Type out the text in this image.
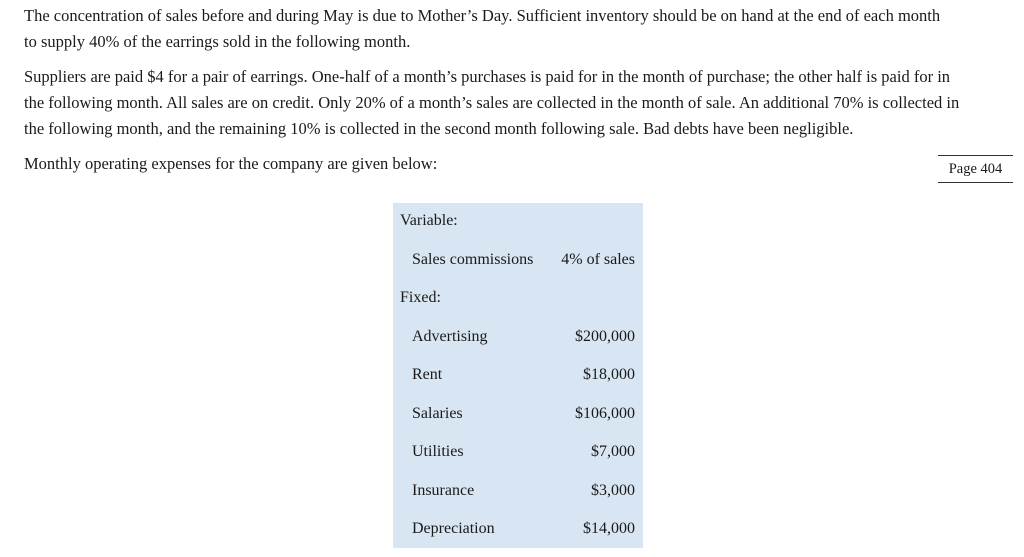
The concentration of sales before and during May is due to Mother’s Day. Sufficient inventory should be on hand at the end of each month
to supply 40% of the earrings sold in the following month.

Suppliers are paid $4 for a pair of earrings. One-half of a month’s purchases is paid for in the month of purchase; the other half is paid for in
the following month. All sales are on credit. Only 20% of a month’s sales are collected in the month of sale. An additional 70% is collected in
the following month, and the remaining 10% is collected in the second month following sale. Bad debts have been negligible.

Monthly operating expenses for the company are given below:	Page 404
Variable:
Sales commissions 4% of sales
Fixed:
Advertising	$200,000
Rent	$18,000
Salaries	$106,000
Utilities	$7,000
Insurance	$3,000
Depreciation	$14,000
